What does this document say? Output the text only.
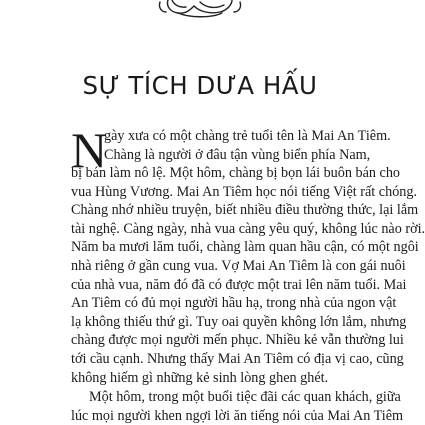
SỰ TÍCH DƯA HẤU
N
gày xưa có một chàng trẻ tuổi tên là Mai An Tiêm.
Chàng là người ở đâu tận vùng biển phía Nam,
bị bán làm nô lệ. Một hôm, chàng bị bọn lái buôn bán cho
vua Hùng Vương. Mai An Tiêm học nói tiếng Việt rất chóng.
Chàng nhớ nhiều truyện, biết nhiều điều thường thức, lại lắm
tài nghệ. Càng ngày, nhà vua càng yêu quý, không lúc nào rời.
Năm ba mươi lăm tuổi, chàng làm quan hầu cận, có một ngôi
nhà riêng ở gần cung vua. Vợ Mai An Tiêm là con gái nuôi
của nhà vua, năm đó đã có được một trai lên năm tuổi. Mai
An Tiêm có đủ mọi người hầu hạ, trong nhà của ngon vật
lạ không thiếu thứ gì. Tuy oai quyền không lớn lắm, nhưng
chàng được mọi người mến phục. Nhiều kẻ vẫn thường lui
tới cầu cạnh. Nhưng thấy Mai An Tiêm có địa vị cao, cũng
không hiếm gì những kẻ sinh lòng ghen ghét.
Một hôm, trong một buổi tiệc đãi các quan khách, giữa
lúc mọi người khen ngợi lời ăn tiếng nói của Mai An Tiêm
